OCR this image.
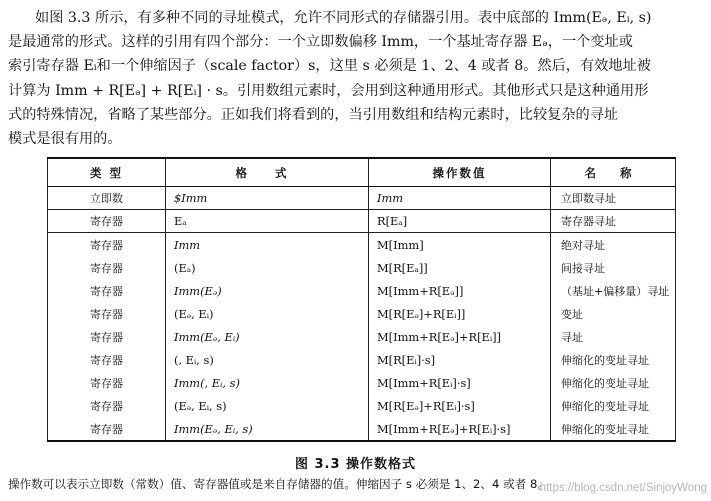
如图 3.3 所示，有多种不同的寻址模式，允许不同形式的存储器引用。表中底部的 Imm(Eₔ, Eᵢ, s)
是最通常的形式。这样的引用有四个部分：一个立即数偏移 Imm，一个基址寄存器 Eₔ，一个变址或
索引寄存器 Eᵢ和一个伸缩因子（scale factor）s，这里 s 必须是 1、2、4 或者 8。然后，有效地址被
计算为 Imm + R[Eₔ] + R[Eᵢ] · s。引用数组元素时，会用到这种通用形式。其他形式只是这种通用形
式的特殊情况，省略了某些部分。正如我们将看到的，当引用数组和结构元素时，比较复杂的寻址
模式是很有用的。

类 型	格 式	操作数值	名 称
立即数	$Imm	Imm	立即数寻址
寄存器	Eₐ	R[Eₐ]	寄存器寻址
寄存器	Imm	M[Imm]	绝对寻址
寄存器	(Eₐ)	M[R[Eₐ]]	间接寻址
寄存器	Imm(Eₔ)	M[Imm+R[Eₔ]]	（基址+偏移量）寻址
寄存器	(Eₔ, Eᵢ)	M[R[Eₔ]+R[Eᵢ]]	变址
寄存器	Imm(Eₔ, Eᵢ)	M[Imm+R[Eₔ]+R[Eᵢ]]	寻址
寄存器	(, Eᵢ, s)	M[R[Eᵢ]·s]	伸缩化的变址寻址
寄存器	Imm(, Eᵢ, s)	M[Imm+R[Eᵢ]·s]	伸缩化的变址寻址
寄存器	(Eₔ, Eᵢ, s)	M[R[Eₔ]+R[Eᵢ]·s]	伸缩化的变址寻址
寄存器	Imm(Eₔ, Eᵢ, s)	M[Imm+R[Eₔ]+R[Eᵢ]·s]	伸缩化的变址寻址
图 3.3 操作数格式
操作数可以表示立即数（常数）值、寄存器值或是来自存储器的值。伸缩因子 s 必须是 1、2、4 或者 8。
https://blog.csdn.net/SinjoyWong
